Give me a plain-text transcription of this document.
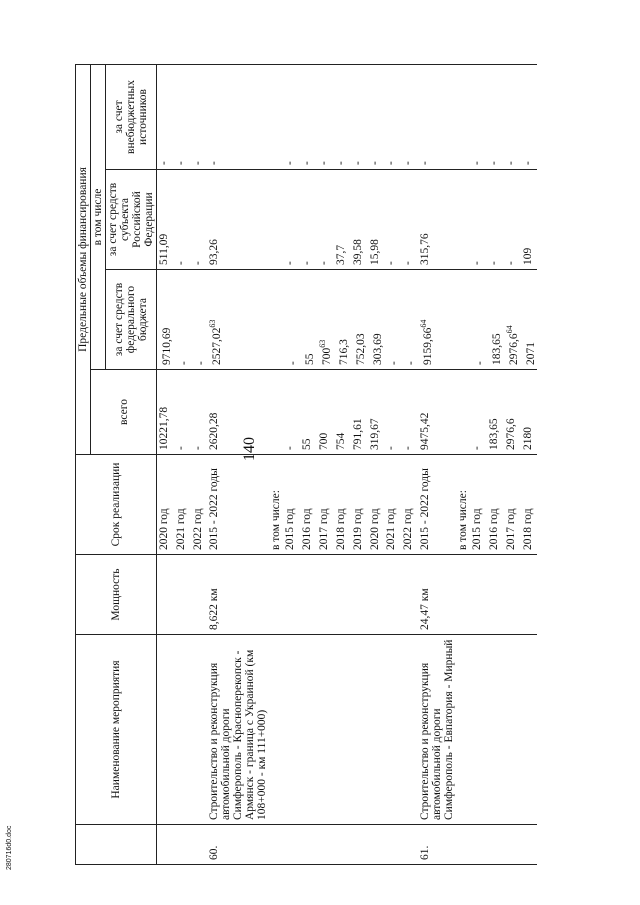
140
280716d0.doc
	Наименование мероприятия	Мощность	Срок реализации	Предельные объемы финансирования			
				всего	в том числе		
					за счет средств федерального бюджета	за счет средств субъекта Российской Федерации	за счет внебюджетных источников
			2020 год	10221,78	9710,69	511,09	-
			2021 год	-	-	-	-
			2022 год	-	-	-	-
60.	Строительство и реконструкция автомобильной дороги Симферополь - Красноперекопск - Армянск - граница с Украиной (км 108+000 - км 111+000)	8,622 км	2015 - 2022 годы	2620,28	2527,02$^{63}$	93,26	-
			в том числе:				
			2015 год	-	-	-	-
			2016 год	55	55	-	-
			2017 год	700	$700^{63}$	-	-
			2018 год	754	716,3	37,7	-
			2019 год	791,61	752,03	39,58	-
			2020 год	319,67	303,69	15,98	-
			2021 год	-	-	-	-
			2022 год	-	-	-	-
61.	Строительство и реконструкция автомобильной дороги Симферополь - Евпатория - Мирный	24,47 км	2015 - 2022 годы	9475,42	9159,66$^{64}$	315,76	-
			в том числе:				
			2015 год	-	-	-	-
			2016 год	183,65	183,65	-	-
			2017 год	2976,6	2976,6$^{64}$	-	-
			2018 год	2180	2071	109	-
